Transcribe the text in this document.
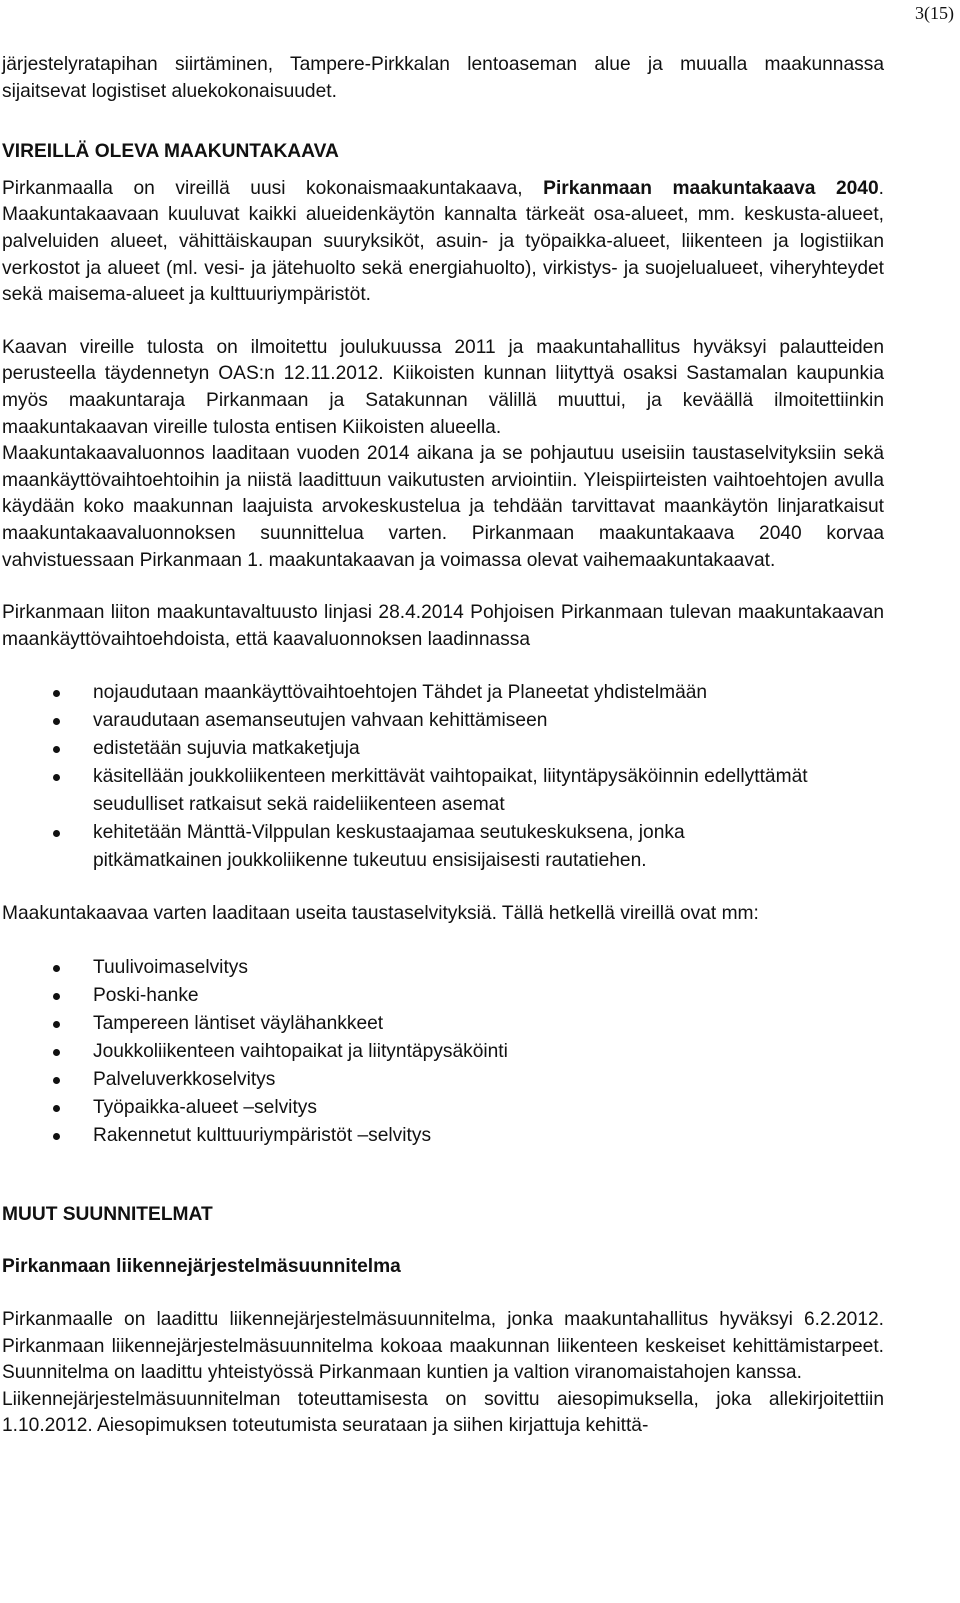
3(15)

järjestelyratapihan siirtäminen, Tampere-Pirkkalan lentoaseman alue ja muualla maakunnassa sijaitsevat logistiset aluekokonaisuudet.

VIREILLÄ OLEVA MAAKUNTAKAAVA

Pirkanmaalla on vireillä uusi kokonaismaakuntakaava, Pirkanmaan maakuntakaava 2040. Maakuntakaavaan kuuluvat kaikki alueidenkäytön kannalta tärkeät osa-alueet, mm. keskusta-alueet, palveluiden alueet, vähittäiskaupan suuryksiköt, asuin- ja työpaikka-alueet, liikenteen ja logistiikan verkostot ja alueet (ml. vesi- ja jätehuolto sekä energiahuolto), virkistys- ja suojelualueet, viheryhteydet sekä maisema-alueet ja kulttuuriympäristöt.

Kaavan vireille tulosta on ilmoitettu joulukuussa 2011 ja maakuntahallitus hyväksyi palautteiden perusteella täydennetyn OAS:n 12.11.2012. Kiikoisten kunnan liityttyä osaksi Sastamalan kaupunkia myös maakuntaraja Pirkanmaan ja Satakunnan välillä muuttui, ja keväällä ilmoitettiinkin maakuntakaavan vireille tulosta entisen Kiikoisten alueella.

Maakuntakaavaluonnos laaditaan vuoden 2014 aikana ja se pohjautuu useisiin taustaselvityksiin sekä maankäyttövaihtoehtoihin ja niistä laadittuun vaikutusten arviointiin. Yleispiirteisten vaihtoehtojen avulla käydään koko maakunnan laajuista arvokeskustelua ja tehdään tarvittavat maankäytön linjaratkaisut maakuntakaavaluonnoksen suunnittelua varten. Pirkanmaan maakuntakaava 2040 korvaa vahvistuessaan Pirkanmaan 1. maakuntakaavan ja voimassa olevat vaihemaakuntakaavat.

Pirkanmaan liiton maakuntavaltuusto linjasi 28.4.2014 Pohjoisen Pirkanmaan tulevan maakuntakaavan maankäyttövaihtoehdoista, että kaavaluonnoksen laadinnassa

nojaudutaan maankäyttövaihtoehtojen Tähdet ja Planeetat yhdistelmään
varaudutaan asemanseutujen vahvaan kehittämiseen
edistetään sujuvia matkaketjuja
käsitellään joukkoliikenteen merkittävät vaihtopaikat, liityntäpysäköinnin edellyttämät seudulliset ratkaisut sekä raideliikenteen asemat
kehitetään Mänttä-Vilppulan keskustaajamaa seutukeskuksena, jonka pitkämatkainen joukkoliikenne tukeutuu ensisijaisesti rautatiehen.

Maakuntakaavaa varten laaditaan useita taustaselvityksiä. Tällä hetkellä vireillä ovat mm:

Tuulivoimaselvitys
Poski-hanke
Tampereen läntiset väylähankkeet
Joukkoliikenteen vaihtopaikat ja liityntäpysäköinti
Palveluverkkoselvitys
Työpaikka-alueet –selvitys
Rakennetut kulttuuriympäristöt –selvitys
MUUT SUUNNITELMAT
Pirkanmaan liikennejärjestelmäsuunnitelma

Pirkanmaalle on laadittu liikennejärjestelmäsuunnitelma, jonka maakuntahallitus hyväksyi 6.2.2012. Pirkanmaan liikennejärjestelmäsuunnitelma kokoaa maakunnan liikenteen keskeiset kehittämistarpeet. Suunnitelma on laadittu yhteistyössä Pirkanmaan kuntien ja valtion viranomaistahojen kanssa.

Liikennejärjestelmäsuunnitelman toteuttamisesta on sovittu aiesopimuksella, joka allekirjoitettiin 1.10.2012. Aiesopimuksen toteutumista seurataan ja siihen kirjattuja kehittä-
